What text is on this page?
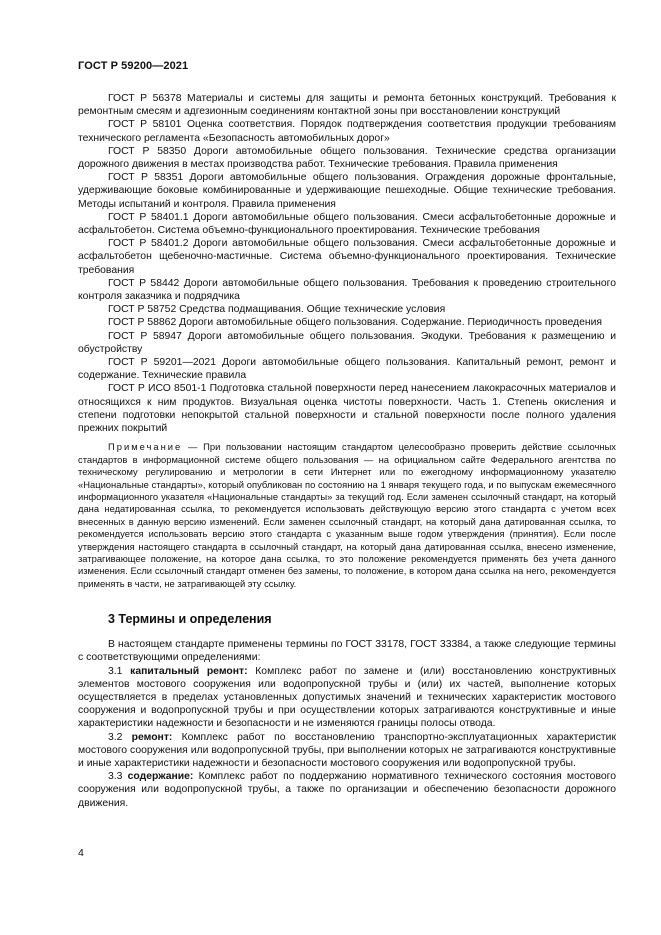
ГОСТ Р 59200—2021

ГОСТ Р 56378 Материалы и системы для защиты и ремонта бетонных конструкций. Требования к ремонтным смесям и адгезионным соединениям контактной зоны при восстановлении конструкций

ГОСТ Р 58101 Оценка соответствия. Порядок подтверждения соответствия продукции требованиям технического регламента «Безопасность автомобильных дорог»

ГОСТ Р 58350 Дороги автомобильные общего пользования. Технические средства организации дорожного движения в местах производства работ. Технические требования. Правила применения

ГОСТ Р 58351 Дороги автомобильные общего пользования. Ограждения дорожные фронтальные, удерживающие боковые комбинированные и удерживающие пешеходные. Общие технические требования. Методы испытаний и контроля. Правила применения

ГОСТ Р 58401.1 Дороги автомобильные общего пользования. Смеси асфальтобетонные дорожные и асфальтобетон. Система объемно-функционального проектирования. Технические требования

ГОСТ Р 58401.2 Дороги автомобильные общего пользования. Смеси асфальтобетонные дорожные и асфальтобетон щебеночно-мастичные. Система объемно-функционального проектирования. Технические требования

ГОСТ Р 58442 Дороги автомобильные общего пользования. Требования к проведению строительного контроля заказчика и подрядчика

ГОСТ Р 58752 Средства подмащивания. Общие технические условия

ГОСТ Р 58862 Дороги автомобильные общего пользования. Содержание. Периодичность проведения

ГОСТ Р 58947 Дороги автомобильные общего пользования. Экодуки. Требования к размещению и обустройству

ГОСТ Р 59201—2021 Дороги автомобильные общего пользования. Капитальный ремонт, ремонт и содержание. Технические правила

ГОСТ Р ИСО 8501-1 Подготовка стальной поверхности перед нанесением лакокрасочных материалов и относящихся к ним продуктов. Визуальная оценка чистоты поверхности. Часть 1. Степень окисления и степени подготовки непокрытой стальной поверхности и стальной поверхности после полного удаления прежних покрытий

Примечание — При пользовании настоящим стандартом целесообразно проверить действие ссылочных стандартов в информационной системе общего пользования — на официальном сайте Федерального агентства по техническому регулированию и метрологии в сети Интернет или по ежегодному информационному указателю «Национальные стандарты», который опубликован по состоянию на 1 января текущего года, и по выпускам ежемесячного информационного указателя «Национальные стандарты» за текущий год. Если заменен ссылочный стандарт, на который дана недатированная ссылка, то рекомендуется использовать действующую версию этого стандарта с учетом всех внесенных в данную версию изменений. Если заменен ссылочный стандарт, на который дана датированная ссылка, то рекомендуется использовать версию этого стандарта с указанным выше годом утверждения (принятия). Если после утверждения настоящего стандарта в ссылочный стандарт, на который дана датированная ссылка, внесено изменение, затрагивающее положение, на которое дана ссылка, то это положение рекомендуется применять без учета данного изменения. Если ссылочный стандарт отменен без замены, то положение, в котором дана ссылка на него, рекомендуется применять в части, не затрагивающей эту ссылку.

3 Термины и определения

В настоящем стандарте применены термины по ГОСТ 33178, ГОСТ 33384, а также следующие термины с соответствующими определениями:

3.1 капитальный ремонт: Комплекс работ по замене и (или) восстановлению конструктивных элементов мостового сооружения или водопропускной трубы и (или) их частей, выполнение которых осуществляется в пределах установленных допустимых значений и технических характеристик мостового сооружения и водопропускной трубы и при осуществлении которых затрагиваются конструктивные и иные характеристики надежности и безопасности и не изменяются границы полосы отвода.

3.2 ремонт: Комплекс работ по восстановлению транспортно-эксплуатационных характеристик мостового сооружения или водопропускной трубы, при выполнении которых не затрагиваются конструктивные и иные характеристики надежности и безопасности мостового сооружения или водопропускной трубы.

3.3 содержание: Комплекс работ по поддержанию нормативного технического состояния мостового сооружения или водопропускной трубы, а также по организации и обеспечению безопасности дорожного движения.

4
